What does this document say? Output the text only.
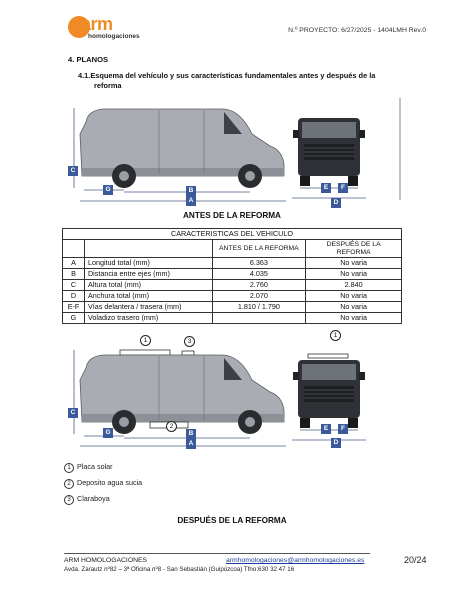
arm
homologaciones
N.º PROYECTO: 6/27/2025 - 1404LMH Rev.0
4. PLANOS
4.1.Esquema del vehículo y sus características fundamentales antes y después de la
reforma
C
G	B
A
E	F
D
ANTES DE LA REFORMA
CARACTERISTICAS DEL VEHICULO			
		ANTES DE LA REFORMA	DESPUÉS DE LA REFORMA
A	Longitud total (mm)	6.363	No varia
B	Distancia entre ejes (mm)	4.035	No varia
C	Altura total (mm)	2.760	2.840
D	Anchura total (mm)	2.070	No varia
E-F	Vías delantera / trasera (mm)	1.810 / 1.790	No varia
G	Voladizo trasero (mm)		No varia
1	3
1
2
C
G	B
A
E	F
D
1 Placa solar
2 Deposito agua sucia
3 Claraboya
DESPUÉS DE LA REFORMA
ARM HOMOLOGACIONES	armhomologaciones@armhomologaciones.es
Avda. Zarautz nº82 – 3ª Oficina nº8 - San Sebastián (Guipúzcoa) Tfno:630 32 47 16
20/24
